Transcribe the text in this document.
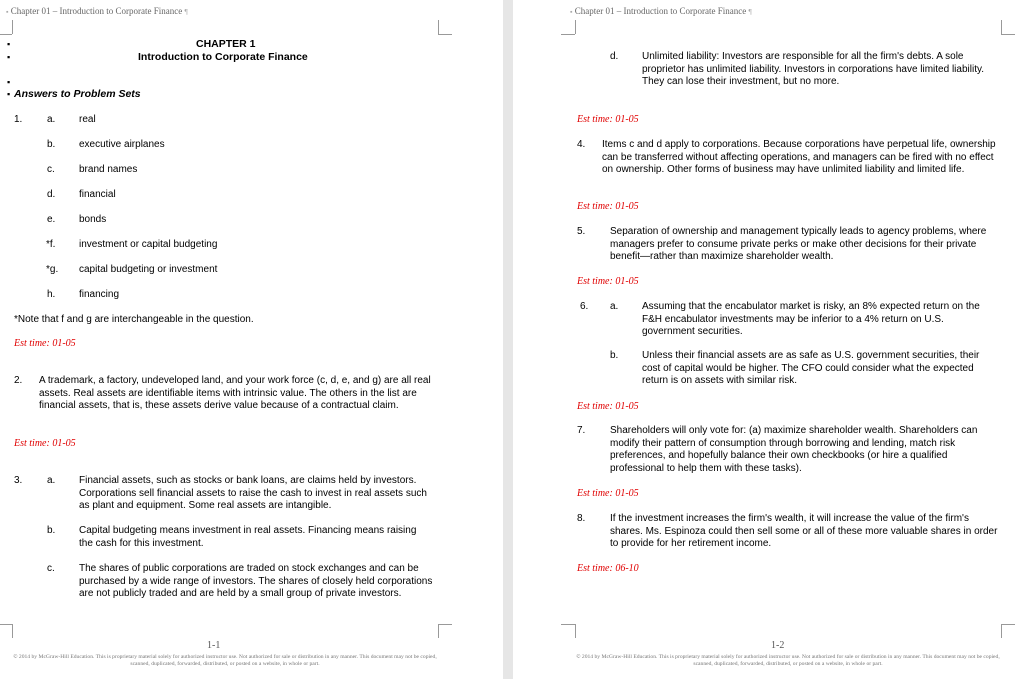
▪ Chapter 01 – Introduction to Corporate Finance ¶
▪
▪
▪
▪
CHAPTER 1
Introduction to Corporate Finance
Answers to Problem Sets
1. a. real
b. executive airplanes
c. brand names
d. financial
e. bonds
*f. investment or capital budgeting
*g. capital budgeting or investment
h. financing
*Note that f and g are interchangeable in the question.
Est time: 01-05
2. A trademark, a factory, undeveloped land, and your work force (c, d, e, and g) are all real assets. Real assets are identifiable items with intrinsic value. The others in the list are financial assets, that is, these assets derive value because of a contractual claim.
Est time: 01-05
3. a. Financial assets, such as stocks or bank loans, are claims held by investors. Corporations sell financial assets to raise the cash to invest in real assets such as plant and equipment. Some real assets are intangible.
b. Capital budgeting means investment in real assets. Financing means raising the cash for this investment.
c. The shares of public corporations are traded on stock exchanges and can be purchased by a wide range of investors. The shares of closely held corporations are not publicly traded and are held by a small group of private investors.
1-1
© 2014 by McGraw-Hill Education. This is proprietary material solely for authorized instructor use. Not authorized for sale or distribution in any manner. This document may not be copied, scanned, duplicated, forwarded, distributed, or posted on a website, in whole or part.
▪ Chapter 01 – Introduction to Corporate Finance ¶
d. Unlimited liability: Investors are responsible for all the firm's debts. A sole proprietor has unlimited liability. Investors in corporations have limited liability. They can lose their investment, but no more.
Est time: 01-05
4. Items c and d apply to corporations. Because corporations have perpetual life, ownership can be transferred without affecting operations, and managers can be fired with no effect on ownership. Other forms of business may have unlimited liability and limited life.
Est time: 01-05
5. Separation of ownership and management typically leads to agency problems, where managers prefer to consume private perks or make other decisions for their private benefit—rather than maximize shareholder wealth.
Est time: 01-05
6. a. Assuming that the encabulator market is risky, an 8% expected return on the F&H encabulator investments may be inferior to a 4% return on U.S. government securities.
b. Unless their financial assets are as safe as U.S. government securities, their cost of capital would be higher. The CFO could consider what the expected return is on assets with similar risk.
Est time: 01-05
7. Shareholders will only vote for: (a) maximize shareholder wealth. Shareholders can modify their pattern of consumption through borrowing and lending, match risk preferences, and hopefully balance their own checkbooks (or hire a qualified professional to help them with these tasks).
Est time: 01-05
8. If the investment increases the firm's wealth, it will increase the value of the firm's shares. Ms. Espinoza could then sell some or all of these more valuable shares in order to provide for her retirement income.
Est time: 06-10
1-2
© 2014 by McGraw-Hill Education. This is proprietary material solely for authorized instructor use. Not authorized for sale or distribution in any manner. This document may not be copied, scanned, duplicated, forwarded, distributed, or posted on a website, in whole or part.
